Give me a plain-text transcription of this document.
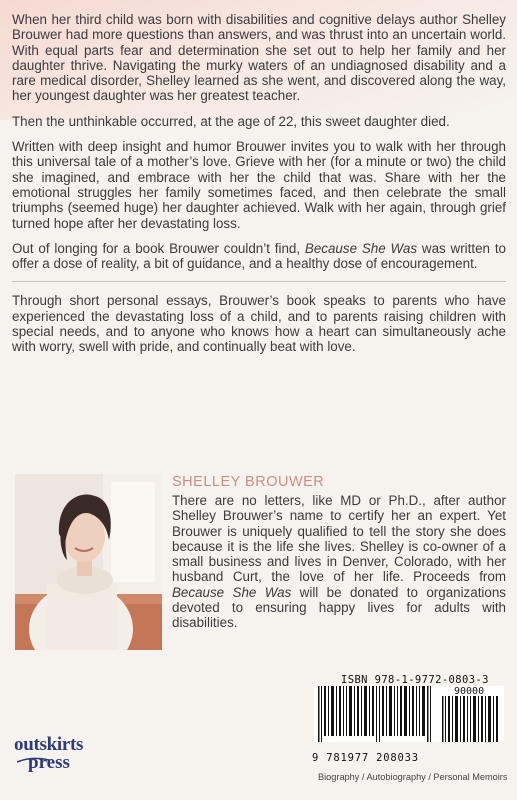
When her third child was born with disabilities and cognitive delays author Shelley Brouwer had more questions than answers, and was thrust into an uncertain world. With equal parts fear and determination she set out to help her family and her daughter thrive. Navigating the murky waters of an undiagnosed disability and a rare medical disorder, Shelley learned as she went, and discovered along the way, her youngest daughter was her greatest teacher.

Then the unthinkable occurred, at the age of 22, this sweet daughter died.

Written with deep insight and humor Brouwer invites you to walk with her through this universal tale of a mother’s love. Grieve with her (for a minute or two) the child she imagined, and embrace with her the child that was. Share with her the emotional struggles her family sometimes faced, and then celebrate the small triumphs (seemed huge) her daughter achieved. Walk with her again, through grief turned hope after her devastating loss.

Out of longing for a book Brouwer couldn’t find, Because She Was was written to offer a dose of reality, a bit of guidance, and a healthy dose of encouragement.

Through short personal essays, Brouwer’s book speaks to parents who have experienced the devastating loss of a child, and to parents raising children with special needs, and to anyone who knows how a heart can simultaneously ache with worry, swell with pride, and continually beat with love.

SHELLEY BROUWER

There are no letters, like MD or Ph.D., after author Shelley Brouwer’s name to certify her an expert. Yet Brouwer is uniquely qualified to tell the story she does because it is the life she lives. Shelley is co-owner of a small business and lives in Denver, Colorado, with her husband Curt, the love of her life. Proceeds from Because She Was will be donated to organizations devoted to ensuring happy lives for adults with disabilities.

ISBN 978-1-9772-0803-3
90000
9 781977 208033
Biography / Autobiography / Personal Memoirs
outskirts
press
